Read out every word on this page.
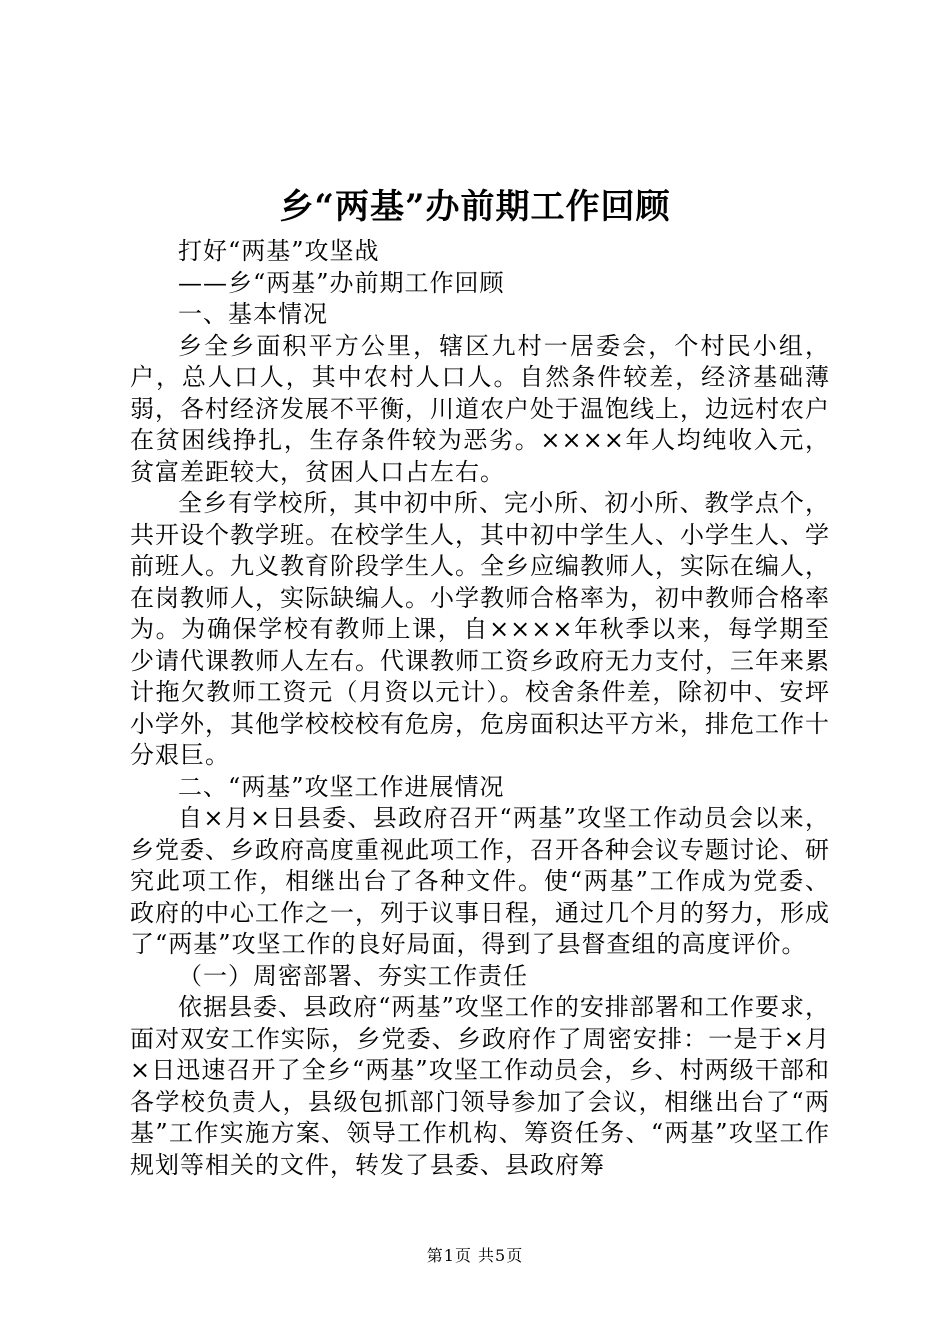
乡“两基”办前期工作回顾

打好“两基”攻坚战

——乡“两基”办前期工作回顾

一、基本情况

乡全乡面积平方公里，辖区九村一居委会，个村民小组，户，总人口人，其中农村人口人。自然条件较差，经济基础薄弱，各村经济发展不平衡，川道农户处于温饱线上，边远村农户在贫困线挣扎，生存条件较为恶劣。××××年人均纯收入元，贫富差距较大，贫困人口占左右。

全乡有学校所，其中初中所、完小所、初小所、教学点个，共开设个教学班。在校学生人，其中初中学生人、小学生人、学前班人。九义教育阶段学生人。全乡应编教师人，实际在编人，在岗教师人，实际缺编人。小学教师合格率为，初中教师合格率为。为确保学校有教师上课，自××××年秋季以来，每学期至少请代课教师人左右。代课教师工资乡政府无力支付，三年来累计拖欠教师工资元（月资以元计）。校舍条件差，除初中、安坪小学外，其他学校校校有危房，危房面积达平方米，排危工作十分艰巨。

二、“两基”攻坚工作进展情况

自×月×日县委、县政府召开“两基”攻坚工作动员会以来，乡党委、乡政府高度重视此项工作，召开各种会议专题讨论、研究此项工作，相继出台了各种文件。使“两基”工作成为党委、政府的中心工作之一，列于议事日程，通过几个月的努力，形成了“两基”攻坚工作的良好局面，得到了县督查组的高度评价。

（一）周密部署、夯实工作责任

依据县委、县政府“两基”攻坚工作的安排部署和工作要求，面对双安工作实际，乡党委、乡政府作了周密安排：一是于×月×日迅速召开了全乡“两基”攻坚工作动员会，乡、村两级干部和各学校负责人，县级包抓部门领导参加了会议，相继出台了“两基”工作实施方案、领导工作机构、筹资任务、“两基”攻坚工作规划等相关的文件，转发了县委、县政府筹

第1页 共5页
